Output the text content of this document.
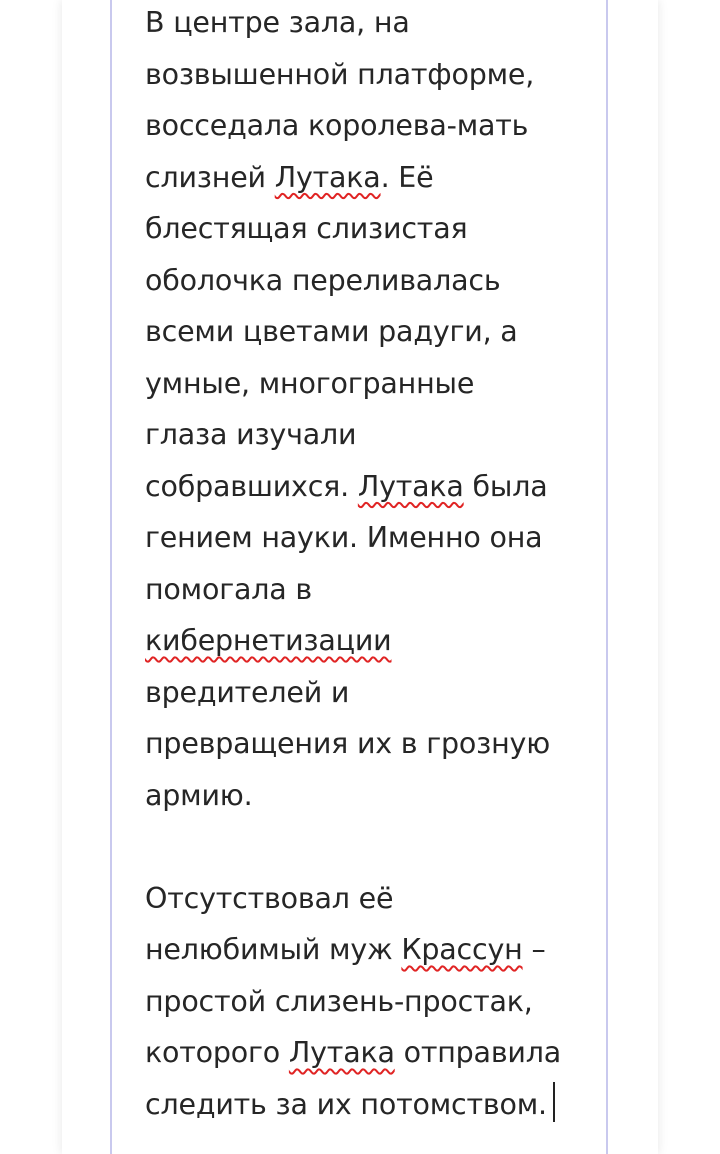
В центре зала, на
возвышенной платформе,
восседала королева-мать
слизней Лутака. Её
блестящая слизистая
оболочка переливалась
всеми цветами радуги, а
умные, многогранные
глаза изучали
собравшихся. Лутака была
гением науки. Именно она
помогала в
кибернетизации
вредителей и
превращения их в грозную
армию.

Отсутствовал её
нелюбимый муж Крассун –
простой слизень-простак,
которого Лутака отправила
следить за их потомством.
